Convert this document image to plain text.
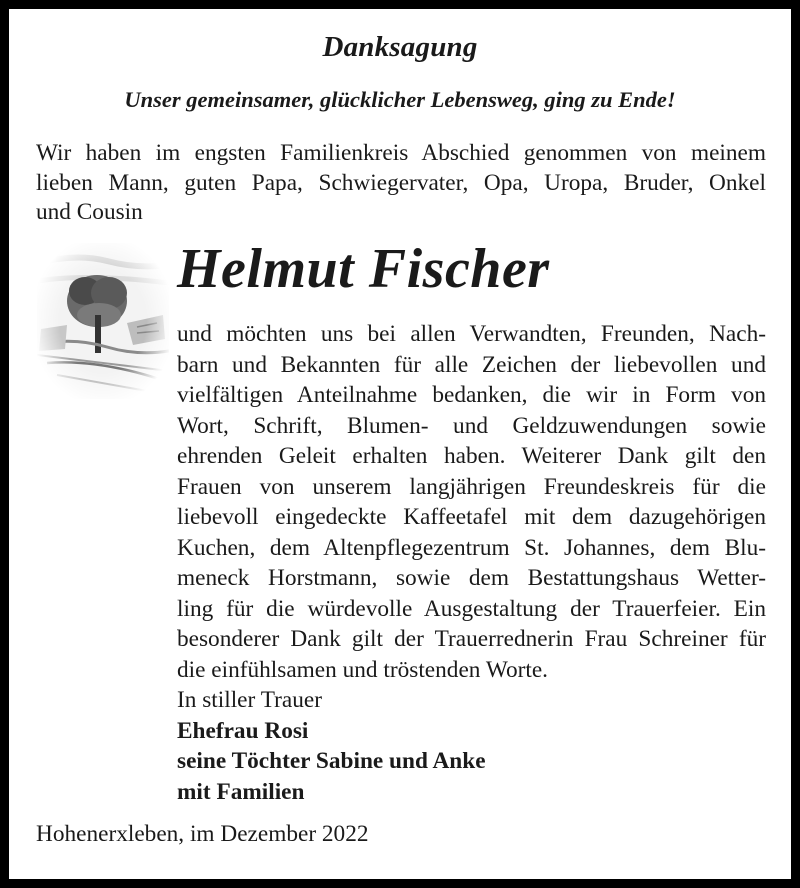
Danksagung
Unser gemeinsamer, glücklicher Lebensweg, ging zu Ende!
Wir haben im engsten Familienkreis Abschied genommen von meinem
lieben Mann, guten Papa, Schwiegervater, Opa, Uropa, Bruder, Onkel
und Cousin
Helmut Fischer
und möchten uns bei allen Verwandten, Freunden, Nach-
barn und Bekannten für alle Zeichen der liebevollen und
vielfältigen Anteilnahme bedanken, die wir in Form von
Wort, Schrift, Blumen- und Geldzuwendungen sowie
ehrenden Geleit erhalten haben. Weiterer Dank gilt den
Frauen von unserem langjährigen Freundeskreis für die
liebevoll eingedeckte Kaffeetafel mit dem dazugehörigen
Kuchen, dem Altenpflegezentrum St. Johannes, dem Blu-
meneck Horstmann, sowie dem Bestattungshaus Wetter-
ling für die würdevolle Ausgestaltung der Trauerfeier. Ein
besonderer Dank gilt der Trauerrednerin Frau Schreiner für
die einfühlsamen und tröstenden Worte.
In stiller Trauer
Ehefrau Rosi
seine Töchter Sabine und Anke
mit Familien
Hohenerxleben, im Dezember 2022
